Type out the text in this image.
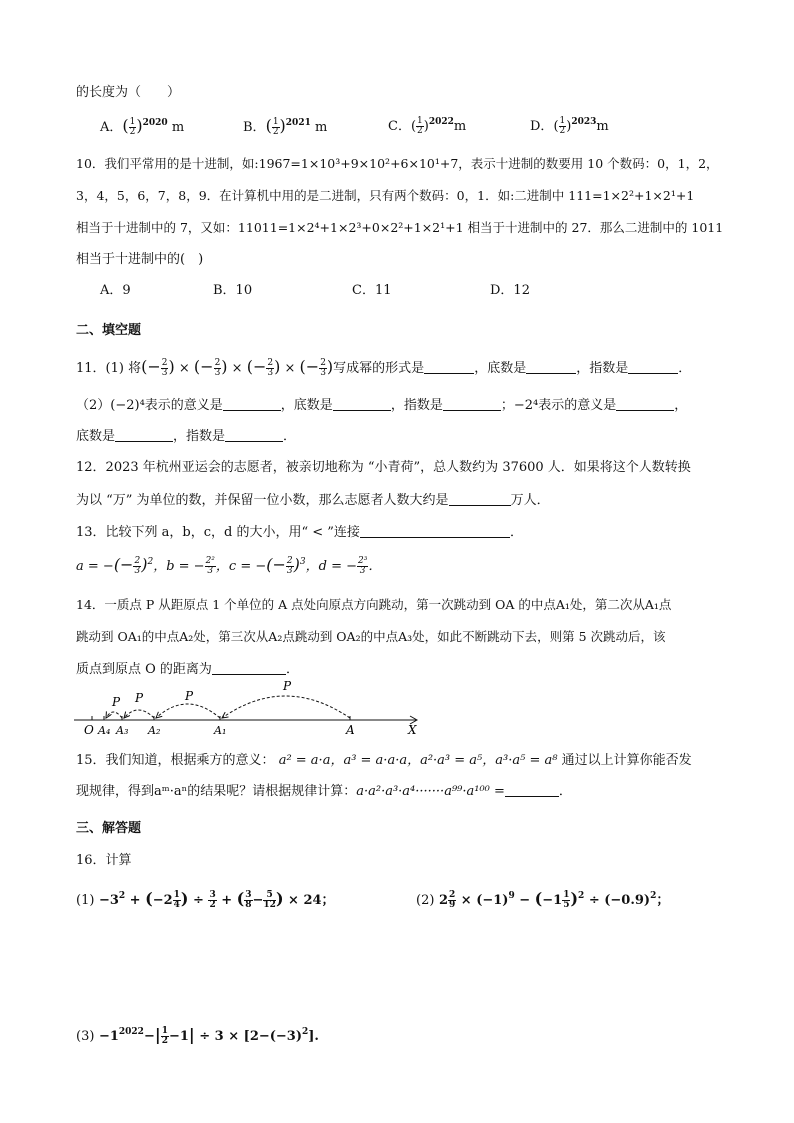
的长度为（　　）
A．( $\frac{1}{2} )^{2020}$ m	B．( $\frac{1}{2} )^{2021}$ m	C．( $\frac{1}{2} )^{2022}m$	D．( $\frac{1}{2} )^{2023}m$
10．我们平常用的是十进制，如:1967=1×10³+9×10²+6×10¹+7，表示十进制的数要用 10 个数码：0，1，2，
3，4，5，6，7，8，9．在计算机中用的是二进制，只有两个数码：0，1．如:二进制中 111=1×2²+1×2¹+1
相当于十进制中的 7，又如：11011=1×2⁴+1×2³+0×2²+1×2¹+1 相当于十进制中的 27．那么二进制中的 1011
相当于十进制中的(　)
A．9	B．10	C．11	D．12
二、填空题
11．(1) 将(− $\frac{2}{3}$ ) × (− $\frac{2}{3}$ ) × (− $\frac{2}{3}$ ) × (− $\frac{2}{3}$ )写成幂的形式是	，底数是	，指数是	．
（2）(−2)⁴表示的意义是	，底数是	，指数是	；−2⁴表示的意义是	，
底数是	，指数是	．
12．2023 年杭州亚运会的志愿者，被亲切地称为 “小青荷”，总人数约为 37600 人．如果将这个人数转换
为以 “万” 为单位的数，并保留一位小数，那么志愿者人数大约是	万人．
13．比较下列 a，b，c，d 的大小，用“ < ”连接	．
a = −(− $\frac{2}{3} )^2$，b = − $\frac{\text{2²}}{3}$ ，c = −(− $\frac{2}{3} )^3$，d = − $\frac{\text{2³}}{3}$ ．
14．一质点 P 从距原点 1 个单位的 A 点处向原点方向跳动，第一次跳动到 OA 的中点A₁处，第二次从A₁点
跳动到 OA₁的中点A₂处，第三次从A₂点跳动到 OA₂的中点A₃处，如此不断跳动下去，则第 5 次跳动后，该
质点到原点 O 的距离为	．
P
P
P
P
O A₄ A₃ A₂	A₁	A	X
15．我们知道，根据乘方的意义： a² = a·a，a³ = a·a·a，a²·a³ = a⁵，a³·a⁵ = a⁸ 通过以上计算你能否发
现规律，得到aᵐ·aⁿ的结果呢？请根据规律计算：a·a²·a³·a⁴·······a⁹⁹·a¹⁰⁰ =	．
三、解答题
16．计算
$(1) -3^2 + (-2 \frac{1}{4}$ ) ÷ $\frac{3}{2}$ + ( $\frac{3}{8} - \frac{5}{12}$ ) × 24；	(2) $2 \frac{2}{9} \times (-1)^9 - (-1 \frac{1}{5} )^2 \div (-0.9)^2$；
$(3) -1^{2022}-| \frac{1}{2} -1| \div 3 \times [2-(-3)^2]$.
